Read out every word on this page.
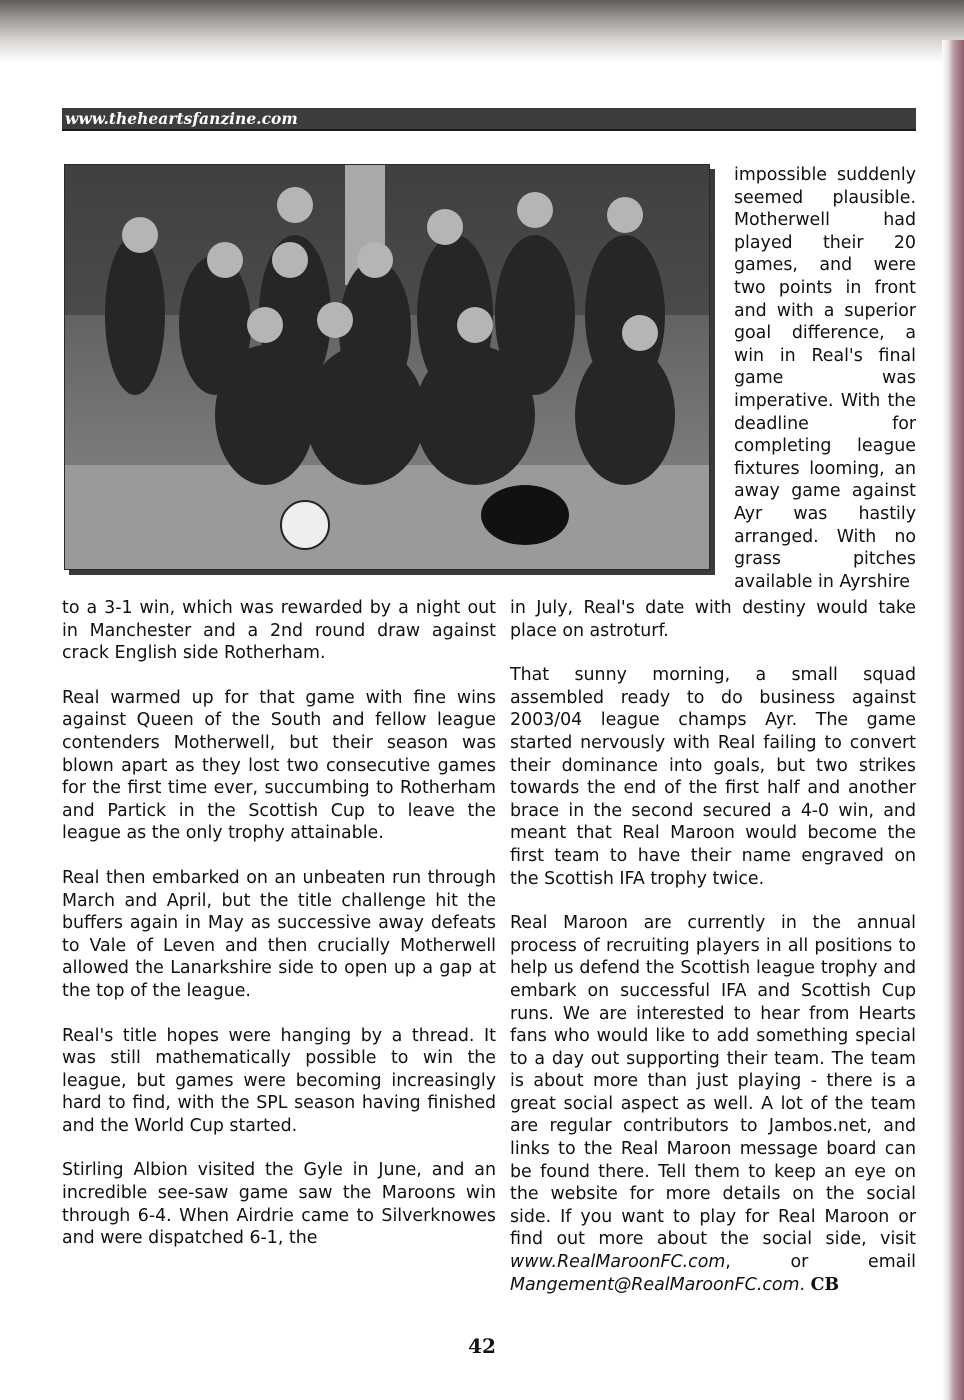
www.theheartsfanzine.com
impossible suddenly seemed plausible. Motherwell had played their 20 games, and were two points in front and with a superior goal difference, a win in Real's final game was imperative. With the deadline for completing league fixtures looming, an away game against Ayr was hastily arranged. With no grass pitches available in Ayrshire

to a 3-1 win, which was rewarded by a night out in Manchester and a 2nd round draw against crack English side Rotherham.

Real warmed up for that game with fine wins against Queen of the South and fellow league contenders Motherwell, but their season was blown apart as they lost two consecutive games for the first time ever, succumbing to Rotherham and Partick in the Scottish Cup to leave the league as the only trophy attainable.

Real then embarked on an unbeaten run through March and April, but the title challenge hit the buffers again in May as successive away defeats to Vale of Leven and then crucially Motherwell allowed the Lanarkshire side to open up a gap at the top of the league.

Real's title hopes were hanging by a thread. It was still mathematically possible to win the league, but games were becoming increasingly hard to find, with the SPL season having finished and the World Cup started.

Stirling Albion visited the Gyle in June, and an incredible see-saw game saw the Maroons win through 6-4. When Airdrie came to Silverknowes and were dispatched 6-1, the

in July, Real's date with destiny would take place on astroturf.

That sunny morning, a small squad assembled ready to do business against 2003/04 league champs Ayr. The game started nervously with Real failing to convert their dominance into goals, but two strikes towards the end of the first half and another brace in the second secured a 4-0 win, and meant that Real Maroon would become the first team to have their name engraved on the Scottish IFA trophy twice.

Real Maroon are currently in the annual process of recruiting players in all positions to help us defend the Scottish league trophy and embark on successful IFA and Scottish Cup runs. We are interested to hear from Hearts fans who would like to add something special to a day out supporting their team. The team is about more than just playing - there is a great social aspect as well. A lot of the team are regular contributors to Jambos.net, and links to the Real Maroon message board can be found there. Tell them to keep an eye on the website for more details on the social side. If you want to play for Real Maroon or find out more about the social side, visit www.RealMaroonFC.com, or email Mangement@RealMaroonFC.com. CB

42
